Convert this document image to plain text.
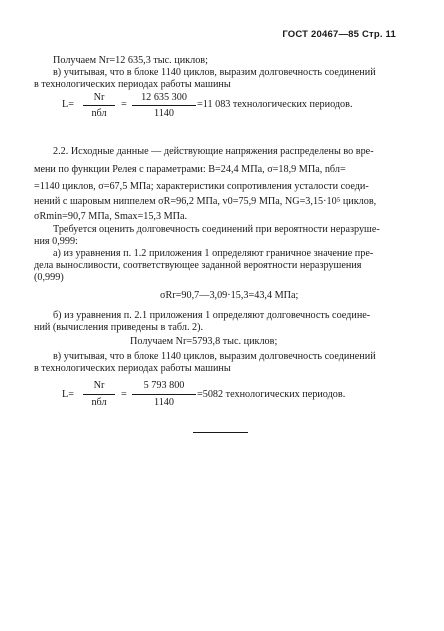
ГОСТ 20467—85 Стр. 11
Получаем Nr=12 635,3 тыс. циклов;
в) учитывая, что в блоке 1140 циклов, выразим долговечность соединений
в технологических периодах работы машины
L=
Nr
nбл
=
12 635 300
1140
=11 083 технологических периодов.
2.2. Исходные данные — действующие напряжения распределены во вре-
мени по функции Релея с параметрами: B=24,4 МПа, σ=18,9 МПа, nбл=
=1140 циклов, σ=67,5 МПа; характеристики сопротивления усталости соеди-
нений с шаровым ниппелем σR=96,2 МПа, v0=75,9 МПа, NG=3,15·10⁵ циклов,
σRmin=90,7 МПа, Smax=15,3 МПа.
Требуется оценить долговечность соединений при вероятности неразруше-
ния 0,999:
а) из уравнения п. 1.2 приложения 1 определяют граничное значение пре-
дела выносливости, соответствующее заданной вероятности неразрушения
(0,999)
σRr=90,7—3,09·15,3=43,4 МПа;
б) из уравнения п. 2.1 приложения 1 определяют долговечность соедине-
ний (вычисления приведены в табл. 2).
Получаем Nr=5793,8 тыс. циклов;
в) учитывая, что в блоке 1140 циклов, выразим долговечность соединений
в технологических периодах работы машины
L=
Nr
nбл
=
5 793 800
1140
=5082 технологических периодов.
